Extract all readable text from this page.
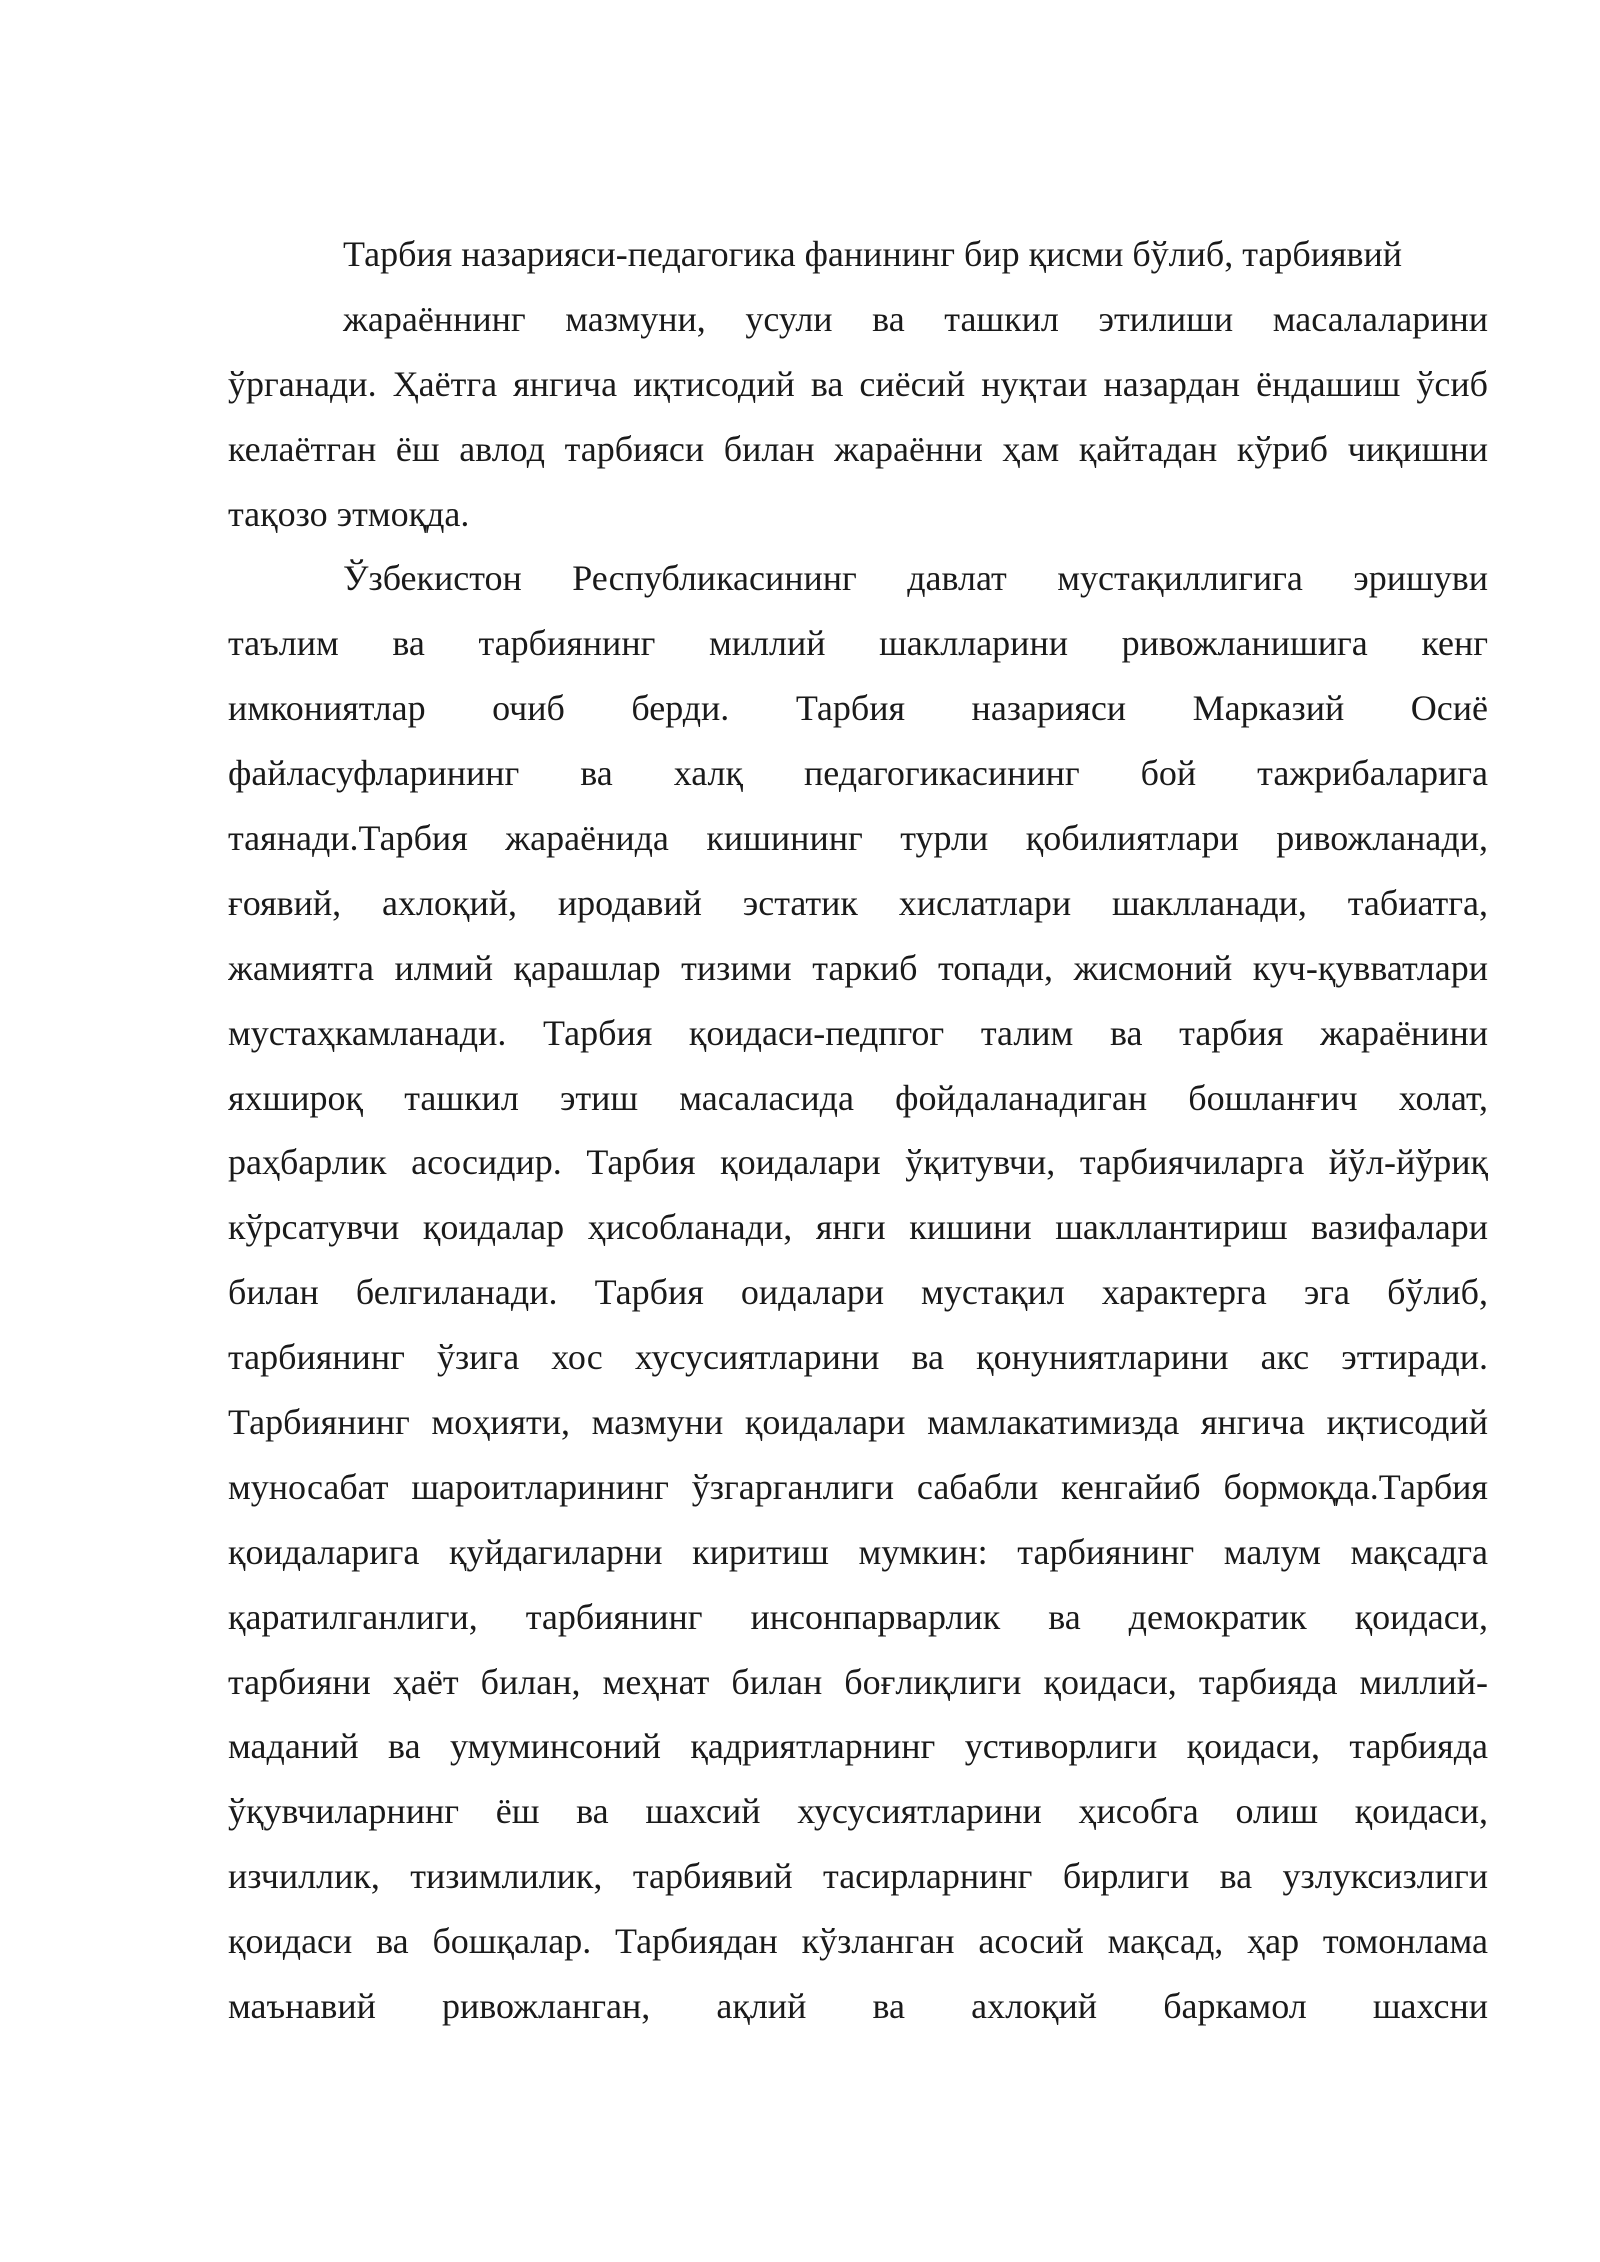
Тарбия назарияси-педагогика фанининг бир қисми бўлиб, тарбиявий
жараённинг мазмуни, усули ва ташкил этилиши масалаларини
ўрганади. Ҳаётга янгича иқтисодий ва сиёсий нуқтаи назардан ёндашиш ўсиб
келаётган ёш авлод тарбияси билан жараённи ҳам қайтадан кўриб чиқишни
тақозо этмоқда.
Ўзбекистон Республикасининг давлат мустақиллигига эришуви
таълим ва тарбиянинг миллий шаклларини ривожланишига кенг
имкониятлар очиб берди. Тарбия назарияси Марказий Осиё
файласуфларининг ва халқ педагогикасининг бой тажрибаларига
таянади.Тарбия жараёнида кишининг турли қобилиятлари ривожланади,
ғоявий, ахлоқий, иродавий эстатик хислатлари шаклланади, табиатга,
жамиятга илмий қарашлар тизими таркиб топади, жисмоний куч-қувватлари
мустаҳкамланади. Тарбия қоидаси-педпгог талим ва тарбия жараёнини
яхшироқ ташкил этиш масаласида фойдаланадиган бошланғич холат,
раҳбарлик асосидир. Тарбия қоидалари ўқитувчи, тарбиячиларга йўл-йўриқ
кўрсатувчи қоидалар ҳисобланади, янги кишини шакллантириш вазифалари
билан белгиланади. Тарбия оидалари мустақил характерга эга бўлиб,
тарбиянинг ўзига хос хусусиятларини ва қонуниятларини акс эттиради.
Тарбиянинг моҳияти, мазмуни қоидалари мамлакатимизда янгича иқтисодий
муносабат шароитларининг ўзгарганлиги сабабли кенгайиб бормоқда.Тарбия
қоидаларига қуйдагиларни киритиш мумкин: тарбиянинг малум мақсадга
қаратилганлиги, тарбиянинг инсонпарварлик ва демократик қоидаси,
тарбияни ҳаёт билан, меҳнат билан боғлиқлиги қоидаси, тарбияда миллий-
маданий ва умуминсоний қадриятларнинг устиворлиги қоидаси, тарбияда
ўқувчиларнинг ёш ва шахсий хусусиятларини ҳисобга олиш қоидаси,
изчиллик, тизимлилик, тарбиявий тасирларнинг бирлиги ва узлуксизлиги
қоидаси ва бошқалар. Тарбиядан кўзланган асосий мақсад, ҳар томонлама
маънавий ривожланган, ақлий ва ахлоқий баркамол шахсни
